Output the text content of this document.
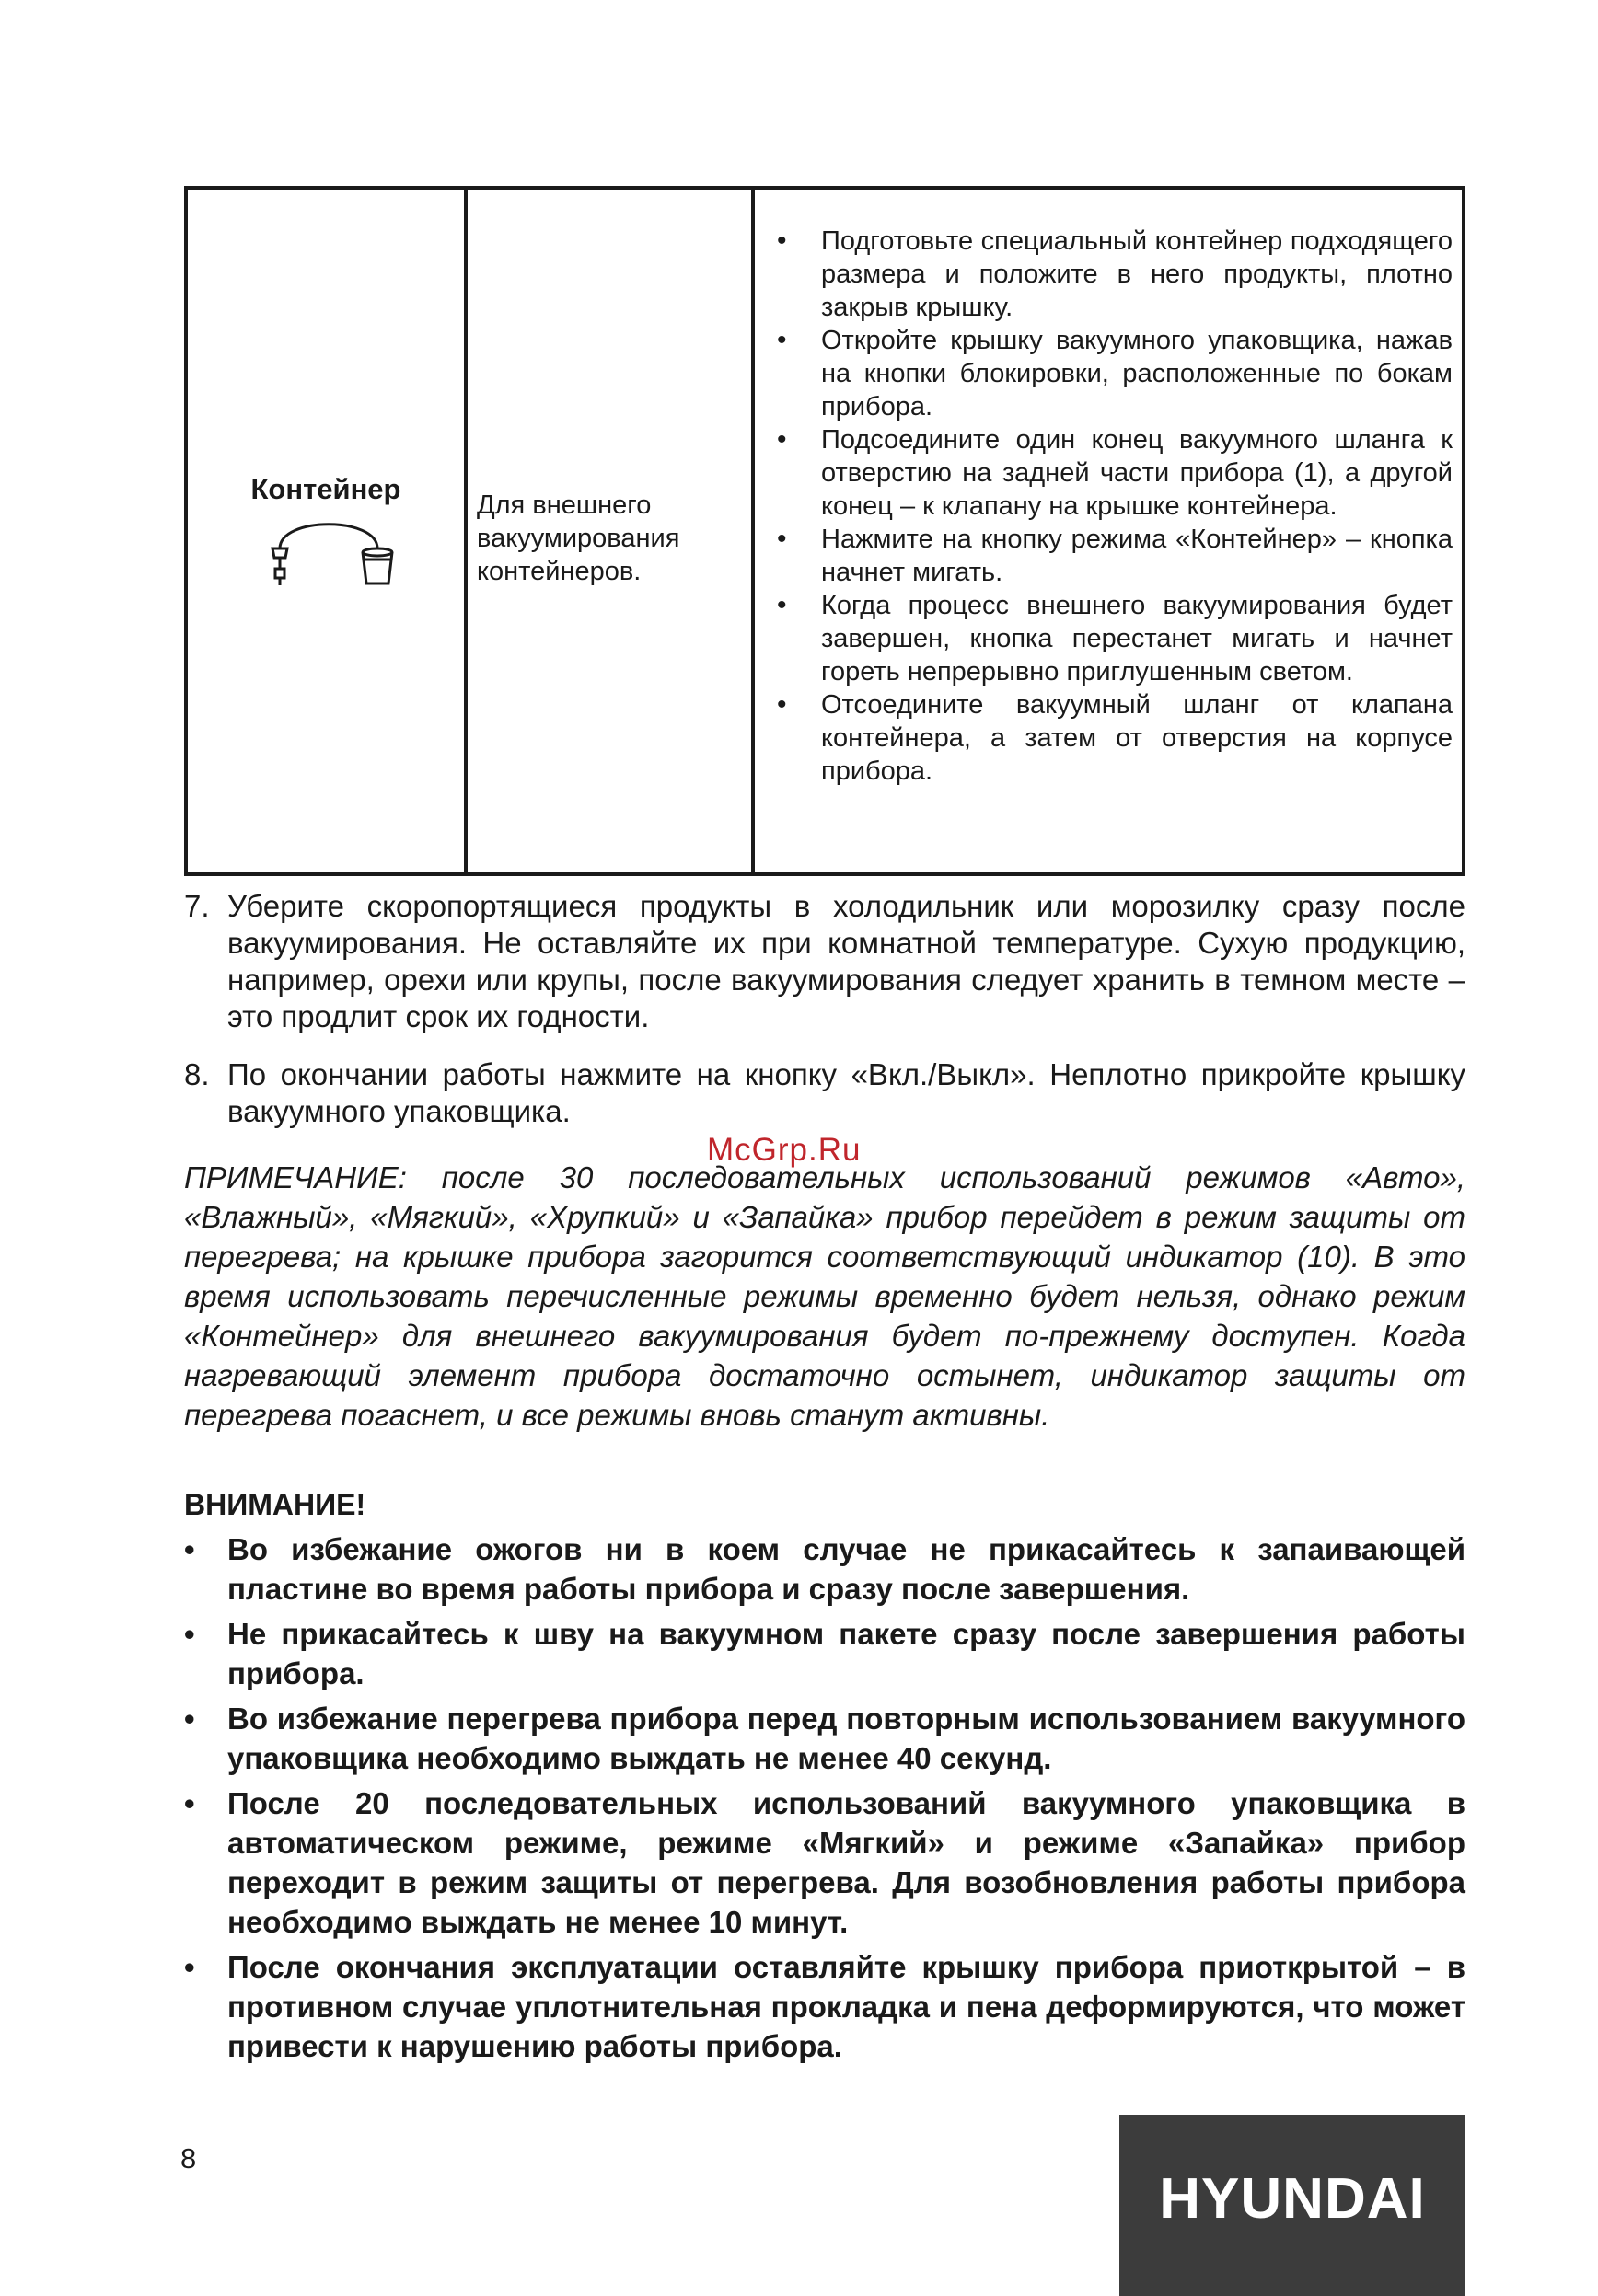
Контейнер	Для внешнего вакуумирования контейнеров.
• Подготовьте специальный контейнер подходящего размера и положите в него продукты, плотно закрыв крышку.
• Откройте крышку вакуумного упаковщика, нажав на кнопки блокировки, расположенные по бокам прибора.
• Подсоедините один конец вакуумного шланга к отверстию на задней части прибора (1), а другой конец – к клапану на крышке контейнера.
• Нажмите на кнопку режима «Контейнер» – кнопка начнет мигать.
• Когда процесс внешнего вакуумирования будет завершен, кнопка перестанет мигать и начнет гореть непрерывно приглушенным светом.
• Отсоедините вакуумный шланг от клапана контейнера, а затем от отверстия на корпусе прибора.
7. Уберите скоропортящиеся продукты в холодильник или морозилку сразу после вакуумирования. Не оставляйте их при комнатной температуре. Сухую продукцию, например, орехи или крупы, после вакуумирования следует хранить в темном месте – это продлит срок их годности.
8. По окончании работы нажмите на кнопку «Вкл./Выкл». Неплотно прикройте крышку вакуумного упаковщика.
McGrp.Ru
ПРИМЕЧАНИЕ: после 30 последовательных использований режимов «Авто», «Влажный», «Мягкий», «Хрупкий» и «Запайка» прибор перейдет в режим защиты от перегрева; на крышке прибора загорится соответствующий индикатор (10). В это время использовать перечисленные режимы временно будет нельзя, однако режим «Контейнер» для внешнего вакуумирования будет по-прежнему доступен. Когда нагревающий элемент прибора достаточно остынет, индикатор защиты от перегрева погаснет, и все режимы вновь станут активны.
ВНИМАНИЕ!
• Во избежание ожогов ни в коем случае не прикасайтесь к запаивающей пластине во время работы прибора и сразу после завершения.
• Не прикасайтесь к шву на вакуумном пакете сразу после завершения работы прибора.
• Во избежание перегрева прибора перед повторным использованием вакуумного упаковщика необходимо выждать не менее 40 секунд.
• После 20 последовательных использований вакуумного упаковщика в автоматическом режиме, режиме «Мягкий» и режиме «Запайка» прибор переходит в режим защиты от перегрева. Для возобновления работы прибора необходимо выждать не менее 10 минут.
• После окончания эксплуатации оставляйте крышку прибора приоткрытой – в противном случае уплотнительная прокладка и пена деформируются, что может привести к нарушению работы прибора.
8
HYUNDAI
